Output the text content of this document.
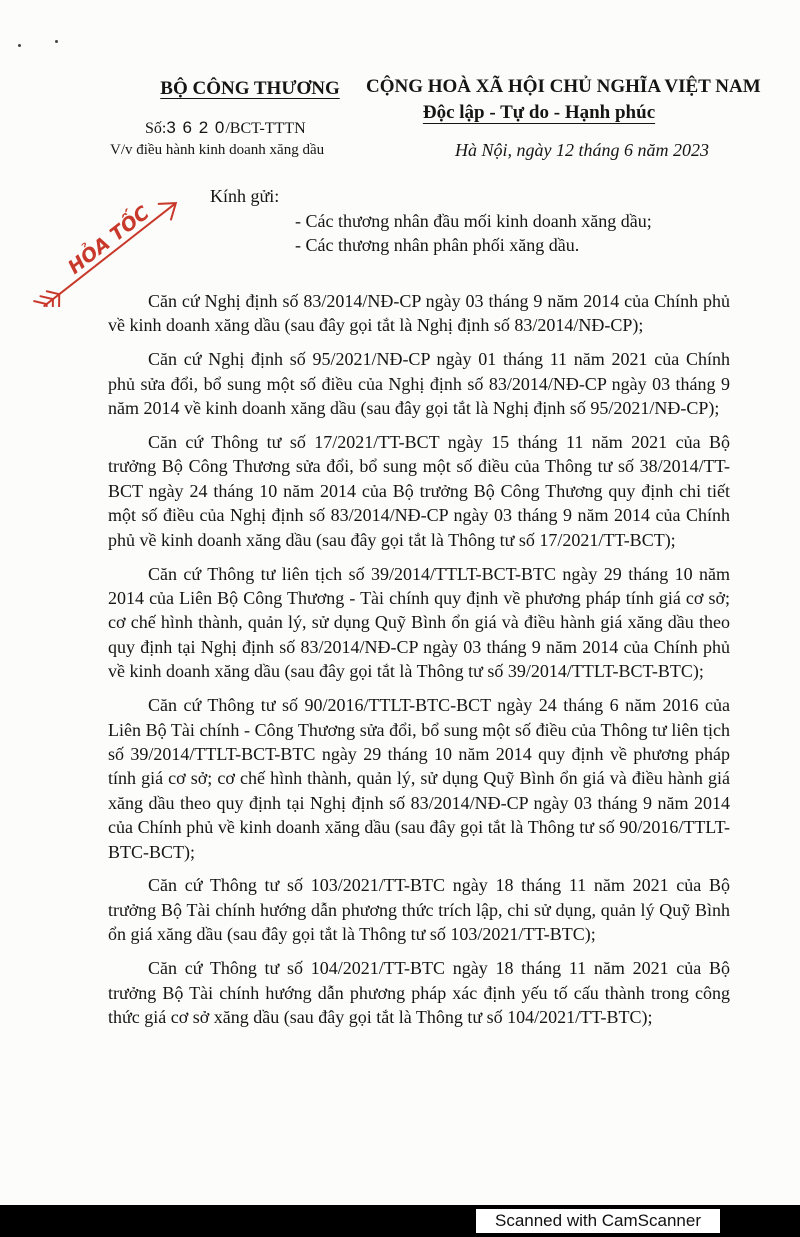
BỘ CÔNG THƯƠNG
Số:3 6 2 0/BCT-TTTN
V/v điều hành kinh doanh xăng dầu
CỘNG HOÀ XÃ HỘI CHỦ NGHĨA VIỆT NAM
Độc lập - Tự do - Hạnh phúc
Hà Nội, ngày 12 tháng 6 năm 2023
HỎA TỐC
Kính gửi:
- Các thương nhân đầu mối kinh doanh xăng dầu;
- Các thương nhân phân phối xăng dầu.

Căn cứ Nghị định số 83/2014/NĐ-CP ngày 03 tháng 9 năm 2014 của Chính phủ về kinh doanh xăng dầu (sau đây gọi tắt là Nghị định số 83/2014/NĐ-CP);

Căn cứ Nghị định số 95/2021/NĐ-CP ngày 01 tháng 11 năm 2021 của Chính phủ sửa đổi, bổ sung một số điều của Nghị định số 83/2014/NĐ-CP ngày 03 tháng 9 năm 2014 về kinh doanh xăng dầu (sau đây gọi tắt là Nghị định số 95/2021/NĐ-CP);

Căn cứ Thông tư số 17/2021/TT-BCT ngày 15 tháng 11 năm 2021 của Bộ trưởng Bộ Công Thương sửa đổi, bổ sung một số điều của Thông tư số 38/2014/TT-BCT ngày 24 tháng 10 năm 2014 của Bộ trưởng Bộ Công Thương quy định chi tiết một số điều của Nghị định số 83/2014/NĐ-CP ngày 03 tháng 9 năm 2014 của Chính phủ về kinh doanh xăng dầu (sau đây gọi tắt là Thông tư số 17/2021/TT-BCT);

Căn cứ Thông tư liên tịch số 39/2014/TTLT-BCT-BTC ngày 29 tháng 10 năm 2014 của Liên Bộ Công Thương - Tài chính quy định về phương pháp tính giá cơ sở; cơ chế hình thành, quản lý, sử dụng Quỹ Bình ổn giá và điều hành giá xăng dầu theo quy định tại Nghị định số 83/2014/NĐ-CP ngày 03 tháng 9 năm 2014 của Chính phủ về kinh doanh xăng dầu (sau đây gọi tắt là Thông tư số 39/2014/TTLT-BCT-BTC);

Căn cứ Thông tư số 90/2016/TTLT-BTC-BCT ngày 24 tháng 6 năm 2016 của Liên Bộ Tài chính - Công Thương sửa đổi, bổ sung một số điều của Thông tư liên tịch số 39/2014/TTLT-BCT-BTC ngày 29 tháng 10 năm 2014 quy định về phương pháp tính giá cơ sở; cơ chế hình thành, quản lý, sử dụng Quỹ Bình ổn giá và điều hành giá xăng dầu theo quy định tại Nghị định số 83/2014/NĐ-CP ngày 03 tháng 9 năm 2014 của Chính phủ về kinh doanh xăng dầu (sau đây gọi tắt là Thông tư số 90/2016/TTLT-BTC-BCT);

Căn cứ Thông tư số 103/2021/TT-BTC ngày 18 tháng 11 năm 2021 của Bộ trưởng Bộ Tài chính hướng dẫn phương thức trích lập, chi sử dụng, quản lý Quỹ Bình ổn giá xăng dầu (sau đây gọi tắt là Thông tư số 103/2021/TT-BTC);

Căn cứ Thông tư số 104/2021/TT-BTC ngày 18 tháng 11 năm 2021 của Bộ trưởng Bộ Tài chính hướng dẫn phương pháp xác định yếu tố cấu thành trong công thức giá cơ sở xăng dầu (sau đây gọi tắt là Thông tư số 104/2021/TT-BTC);

Scanned with CamScanner
